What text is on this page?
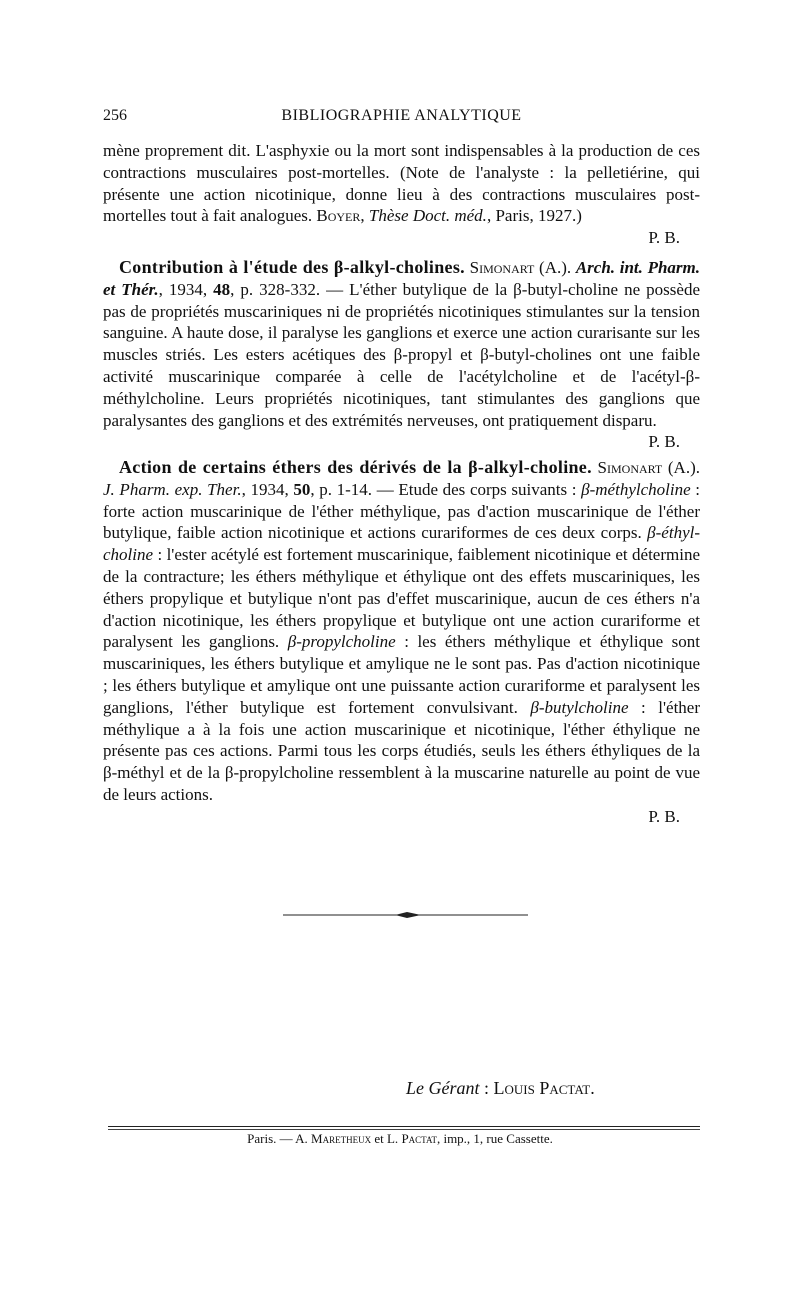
256	BIBLIOGRAPHIE ANALYTIQUE

mène proprement dit. L'asphyxie ou la mort sont indispensables à la production de ces contractions musculaires post-mortelles. (Note de l'analyste : la pelletiérine, qui présente une action nicotinique, donne lieu à des contractions musculaires post-mortelles tout à fait analogues. Boyer, Thèse Doct. méd., Paris, 1927.)

P. B.

Contribution à l'étude des β-alkyl-cholines. Simonart (A.). Arch. int. Pharm. et Thér., 1934, 48, p. 328-332. — L'éther butylique de la β-butyl-choline ne possède pas de propriétés muscariniques ni de propriétés nicotiniques stimulantes sur la tension sanguine. A haute dose, il paralyse les ganglions et exerce une action curarisante sur les muscles striés. Les esters acétiques des β-propyl et β-butyl-cholines ont une faible activité muscarinique comparée à celle de l'acétylcholine et de l'acétyl-β-méthylcholine. Leurs propriétés nicotiniques, tant stimulantes des ganglions que paralysantes des ganglions et des extrémités nerveuses, ont pratiquement disparu.

P. B.

Action de certains éthers des dérivés de la β-alkyl-choline. Simonart (A.). J. Pharm. exp. Ther., 1934, 50, p. 1-14. — Etude des corps suivants : β-méthylcholine : forte action muscarinique de l'éther méthylique, pas d'action muscarinique de l'éther butylique, faible action nicotinique et actions curariformes de ces deux corps. β-éthyl-choline : l'ester acétylé est fortement muscarinique, faiblement nicotinique et détermine de la contracture; les éthers méthylique et éthylique ont des effets muscariniques, les éthers propylique et butylique n'ont pas d'effet muscarinique, aucun de ces éthers n'a d'action nicotinique, les éthers propylique et butylique ont une action curariforme et paralysent les ganglions. β-propylcholine : les éthers méthylique et éthylique sont muscariniques, les éthers butylique et amylique ne le sont pas. Pas d'action nicotinique ; les éthers butylique et amylique ont une puissante action curariforme et paralysent les ganglions, l'éther butylique est fortement convulsivant. β-butylcholine : l'éther méthylique a à la fois une action muscarinique et nicotinique, l'éther éthylique ne présente pas ces actions. Parmi tous les corps étudiés, seuls les éthers éthyliques de la β-méthyl et de la β-propylcholine ressemblent à la muscarine naturelle au point de vue de leurs actions.

P. B.

Le Gérant : Louis Pactat.
Paris. — A. Maretheux et L. Pactat, imp., 1, rue Cassette.
